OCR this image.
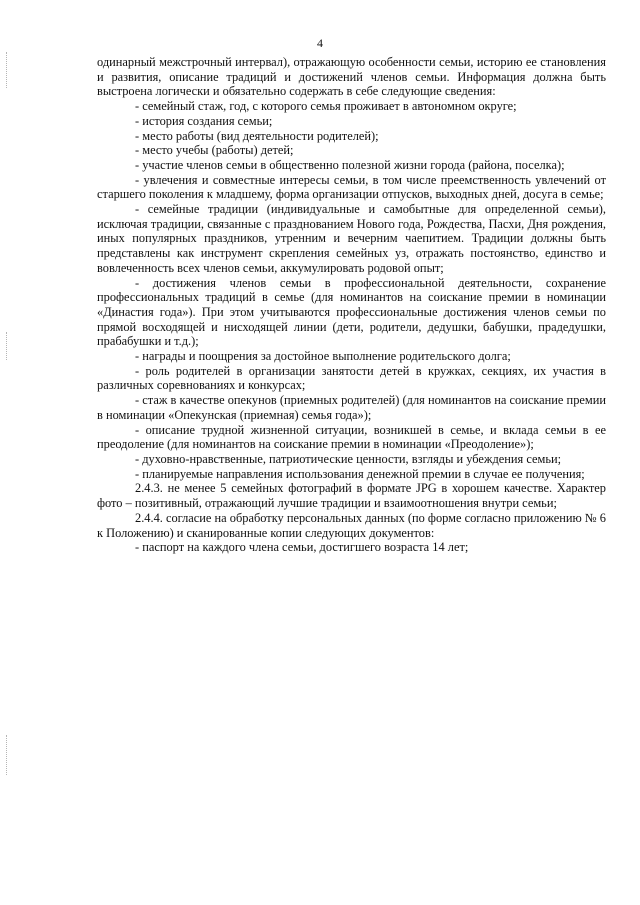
4

одинарный межстрочный интервал), отражающую особенности семьи, историю ее становления и развития, описание традиций и достижений членов семьи. Информация должна быть выстроена логически и обязательно содержать в себе следующие сведения:

- семейный стаж, год, с которого семья проживает в автономном округе;

- история создания семьи;

- место работы (вид деятельности родителей);

- место учебы (работы) детей;

- участие членов семьи в общественно полезной жизни города (района, поселка);

- увлечения и совместные интересы семьи, в том числе преемственность увлечений от старшего поколения к младшему, форма организации отпусков, выходных дней, досуга в семье;

- семейные традиции (индивидуальные и самобытные для определенной семьи), исключая традиции, связанные с празднованием Нового года, Рождества, Пасхи, Дня рождения, иных популярных праздников, утренним и вечерним чаепитием. Традиции должны быть представлены как инструмент скрепления семейных уз, отражать постоянство, единство и вовлеченность всех членов семьи, аккумулировать родовой опыт;

- достижения членов семьи в профессиональной деятельности, сохранение профессиональных традиций в семье (для номинантов на соискание премии в номинации «Династия года»). При этом учитываются профессиональные достижения членов семьи по прямой восходящей и нисходящей линии (дети, родители, дедушки, бабушки, прадедушки, прабабушки и т.д.);

- награды и поощрения за достойное выполнение родительского долга;

- роль родителей в организации занятости детей в кружках, секциях, их участия в различных соревнованиях и конкурсах;

- стаж в качестве опекунов (приемных родителей) (для номинантов на соискание премии в номинации «Опекунская (приемная) семья года»);

- описание трудной жизненной ситуации, возникшей в семье, и вклада семьи в ее преодоление (для номинантов на соискание премии в номинации «Преодоление»);

- духовно-нравственные, патриотические ценности, взгляды и убеждения семьи;

- планируемые направления использования денежной премии в случае ее получения;

2.4.3. не менее 5 семейных фотографий в формате JPG в хорошем качестве. Характер фото – позитивный, отражающий лучшие традиции и взаимоотношения внутри семьи;

2.4.4. согласие на обработку персональных данных (по форме согласно приложению № 6 к Положению) и сканированные копии следующих документов:

- паспорт на каждого члена семьи, достигшего возраста 14 лет;
